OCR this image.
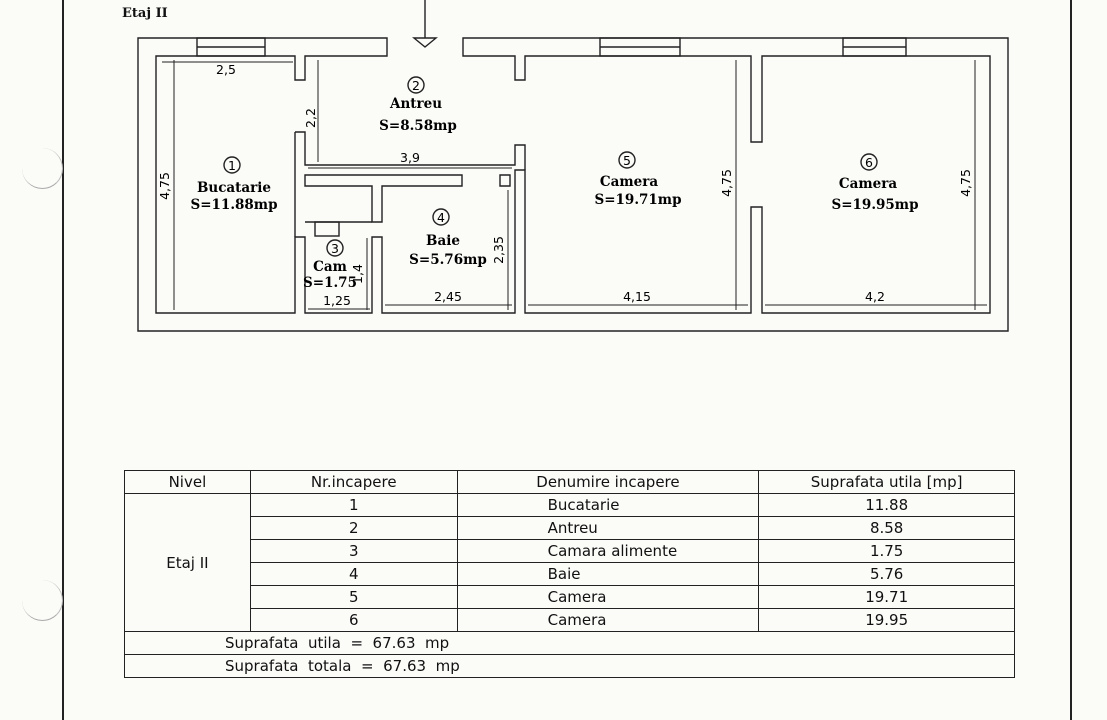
Etaj II
1
2
3
4
5	6
Bucatarie
S=11.88mp
Antreu
S=8.58mp
Cam
S=1.75
Baie
S=5.76mp
Camera
S=19.71mp
Camera
S=19.95mp
2,5
4,75
2,2
3,9
2,35
1,4
1,25	2,45	4,15
4,75
4,2
4,75
Nivel	Nr.incapere	Denumire incapere	Suprafata utila [mp]
Etaj II	1	Bucatarie	11.88
	2	Antreu	8.58
	3	Camara alimente	1.75
	4	Baie	5.76
	5	Camera	19.71
	6	Camera	19.95
Suprafata  utila  =  67.63  mp			
Suprafata  totala  =  67.63  mp			
